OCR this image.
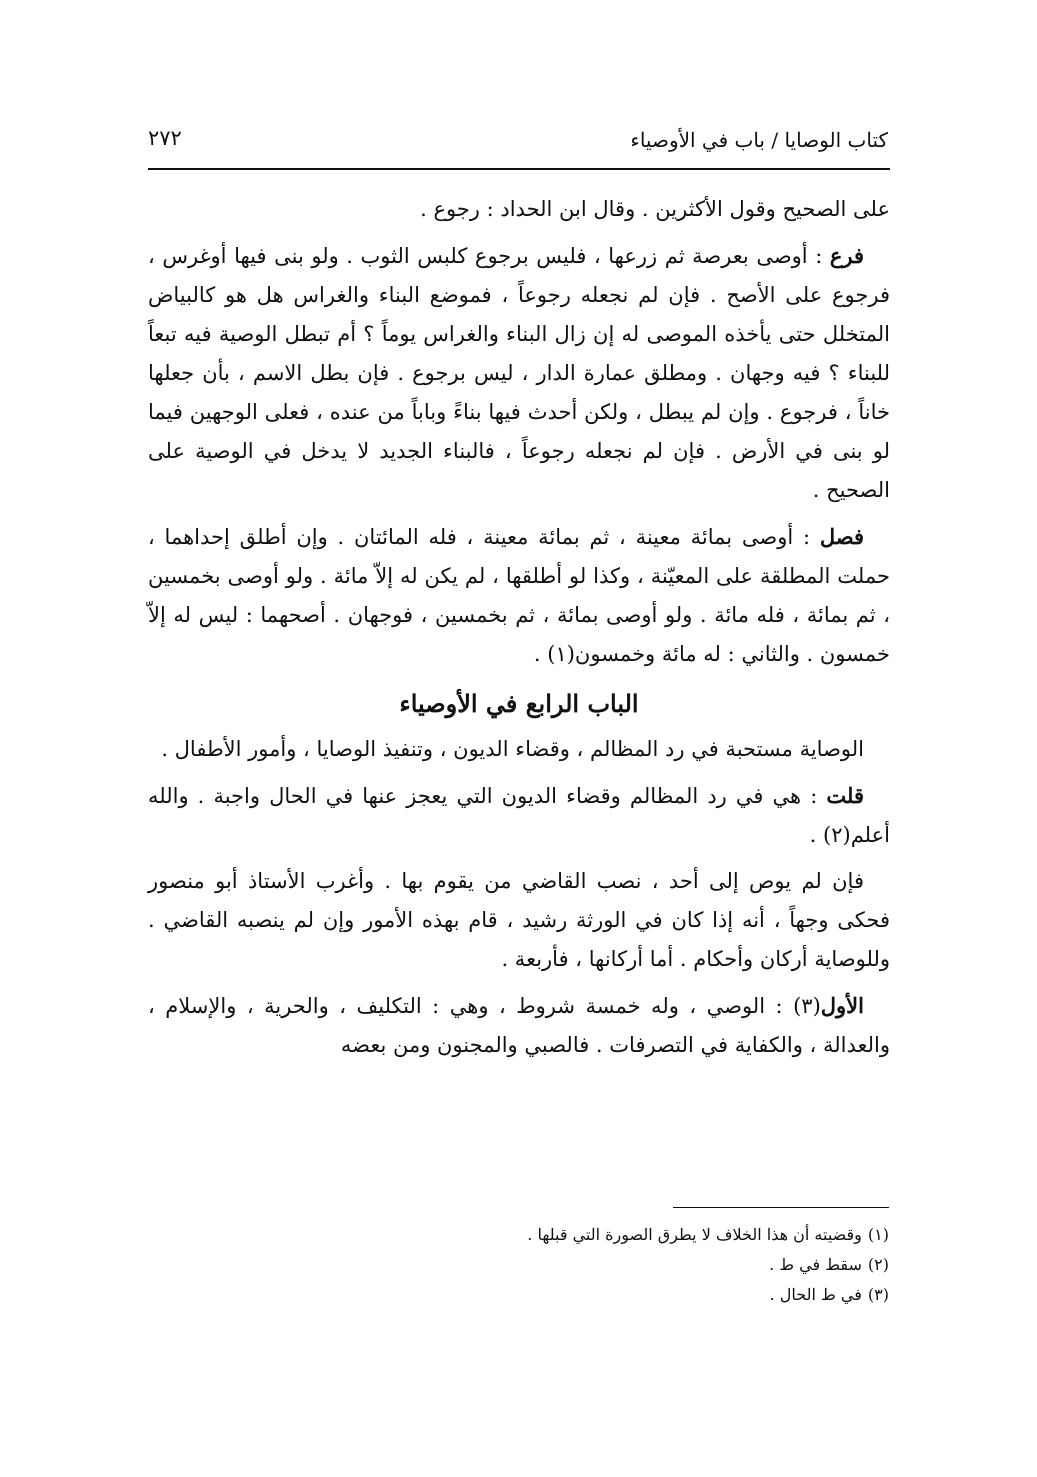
كتاب الوصايا / باب في الأوصياء
٢٧٢

على الصحيح وقول الأكثرين . وقال ابن الحداد : رجوع .

فرع : أوصى بعرصة ثم زرعها ، فليس برجوع كلبس الثوب . ولو بنى فيها أوغرس ، فرجوع على الأصح . فإن لم نجعله رجوعاً ، فموضع البناء والغراس هل هو كالبياض المتخلل حتى يأخذه الموصى له إن زال البناء والغراس يوماً ؟ أم تبطل الوصية فيه تبعاً للبناء ؟ فيه وجهان . ومطلق عمارة الدار ، ليس برجوع . فإن بطل الاسم ، بأن جعلها خاناً ، فرجوع . وإن لم يبطل ، ولكن أحدث فيها بناءً وباباً من عنده ، فعلى الوجهين فيما لو بنى في الأرض . فإن لم نجعله رجوعاً ، فالبناء الجديد لا يدخل في الوصية على الصحيح .

فصل : أوصى بمائة معينة ، ثم بمائة معينة ، فله المائتان . وإن أطلق إحداهما ، حملت المطلقة على المعيّنة ، وكذا لو أطلقها ، لم يكن له إلاّ مائة . ولو أوصى بخمسين ، ثم بمائة ، فله مائة . ولو أوصى بمائة ، ثم بخمسين ، فوجهان . أصحهما : ليس له إلاّ خمسون . والثاني : له مائة وخمسون(١) .

الباب الرابع في الأوصياء

الوصاية مستحبة في رد المظالم ، وقضاء الديون ، وتنفيذ الوصايا ، وأمور الأطفال .

قلت : هي في رد المظالم وقضاء الديون التي يعجز عنها في الحال واجبة . والله أعلم(٢) .

فإن لم يوص إلى أحد ، نصب القاضي من يقوم بها . وأغرب الأستاذ أبو منصور فحكى وجهاً ، أنه إذا كان في الورثة رشيد ، قام بهذه الأمور وإن لم ينصبه القاضي . وللوصاية أركان وأحكام . أما أركانها ، فأربعة .

الأول(٣) : الوصي ، وله خمسة شروط ، وهي : التكليف ، والحرية ، والإسلام ، والعدالة ، والكفاية في التصرفات . فالصبي والمجنون ومن بعضه

(١)وقضيته أن هذا الخلاف لا يطرق الصورة التي قبلها .

(٢)سقط في ط .

(٣)في ط الحال .
